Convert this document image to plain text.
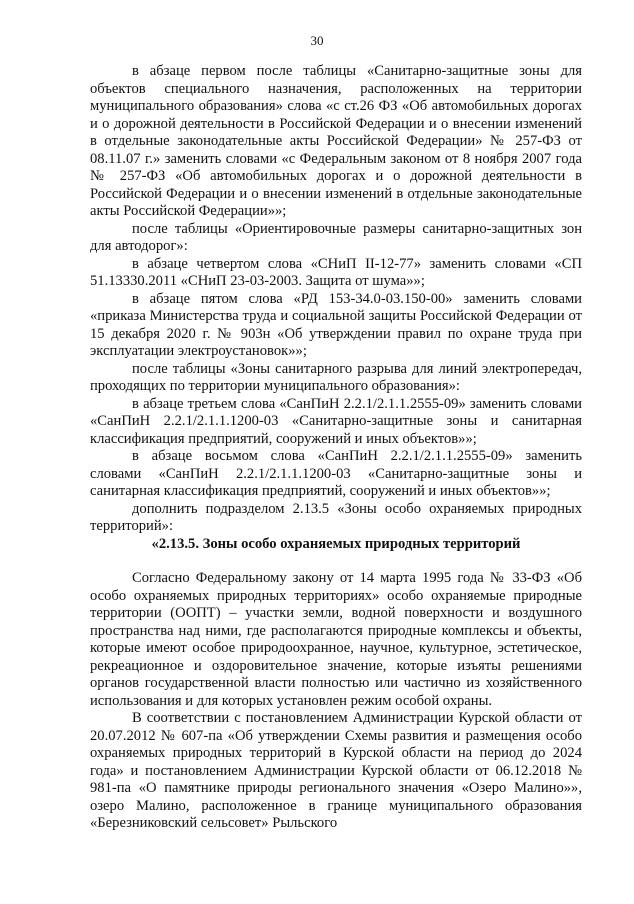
30

в абзаце первом после таблицы «Санитарно-защитные зоны для объектов специального назначения, расположенных на территории муниципального образования» слова «с ст.26 ФЗ «Об автомобильных дорогах и о дорожной деятельности в Российской Федерации и о внесении изменений в отдельные законодательные акты Российской Федерации» № 257-ФЗ от 08.11.07 г.» заменить словами «с Федеральным законом от 8 ноября 2007 года № 257-ФЗ «Об автомобильных дорогах и о дорожной деятельности в Российской Федерации и о внесении изменений в отдельные законодательные акты Российской Федерации»»;

после таблицы «Ориентировочные размеры санитарно-защитных зон для автодорог»:

в абзаце четвертом слова «СНиП II-12-77» заменить словами «СП 51.13330.2011 «СНиП 23-03-2003. Защита от шума»»;

в абзаце пятом слова «РД 153-34.0-03.150-00» заменить словами «приказа Министерства труда и социальной защиты Российской Федерации от 15 декабря 2020 г. № 903н «Об утверждении правил по охране труда при эксплуатации электроустановок»»;

после таблицы «Зоны санитарного разрыва для линий электропередач, проходящих по территории муниципального образования»:

в абзаце третьем слова «СанПиН 2.2.1/2.1.1.2555-09» заменить словами «СанПиН 2.2.1/2.1.1.1200-03 «Санитарно-защитные зоны и санитарная классификация предприятий, сооружений и иных объектов»»;

в абзаце восьмом слова «СанПиН 2.2.1/2.1.1.2555-09» заменить словами «СанПиН 2.2.1/2.1.1.1200-03 «Санитарно-защитные зоны и санитарная классификация предприятий, сооружений и иных объектов»»;

дополнить подразделом 2.13.5 «Зоны особо охраняемых природных территорий»:

«2.13.5. Зоны особо охраняемых природных территорий

Согласно Федеральному закону от 14 марта 1995 года № 33-ФЗ «Об особо охраняемых природных территориях» особо охраняемые природные территории (ООПТ) – участки земли, водной поверхности и воздушного пространства над ними, где располагаются природные комплексы и объекты, которые имеют особое природоохранное, научное, культурное, эстетическое, рекреационное и оздоровительное значение, которые изъяты решениями органов государственной власти полностью или частично из хозяйственного использования и для которых установлен режим особой охраны.

В соответствии с постановлением Администрации Курской области от 20.07.2012 № 607-па «Об утверждении Схемы развития и размещения особо охраняемых природных территорий в Курской области на период до 2024 года» и постановлением Администрации Курской области от 06.12.2018 № 981-па «О памятнике природы регионального значения «Озеро Малино»», озеро Малино, расположенное в границе муниципального образования «Березниковский сельсовет» Рыльского
